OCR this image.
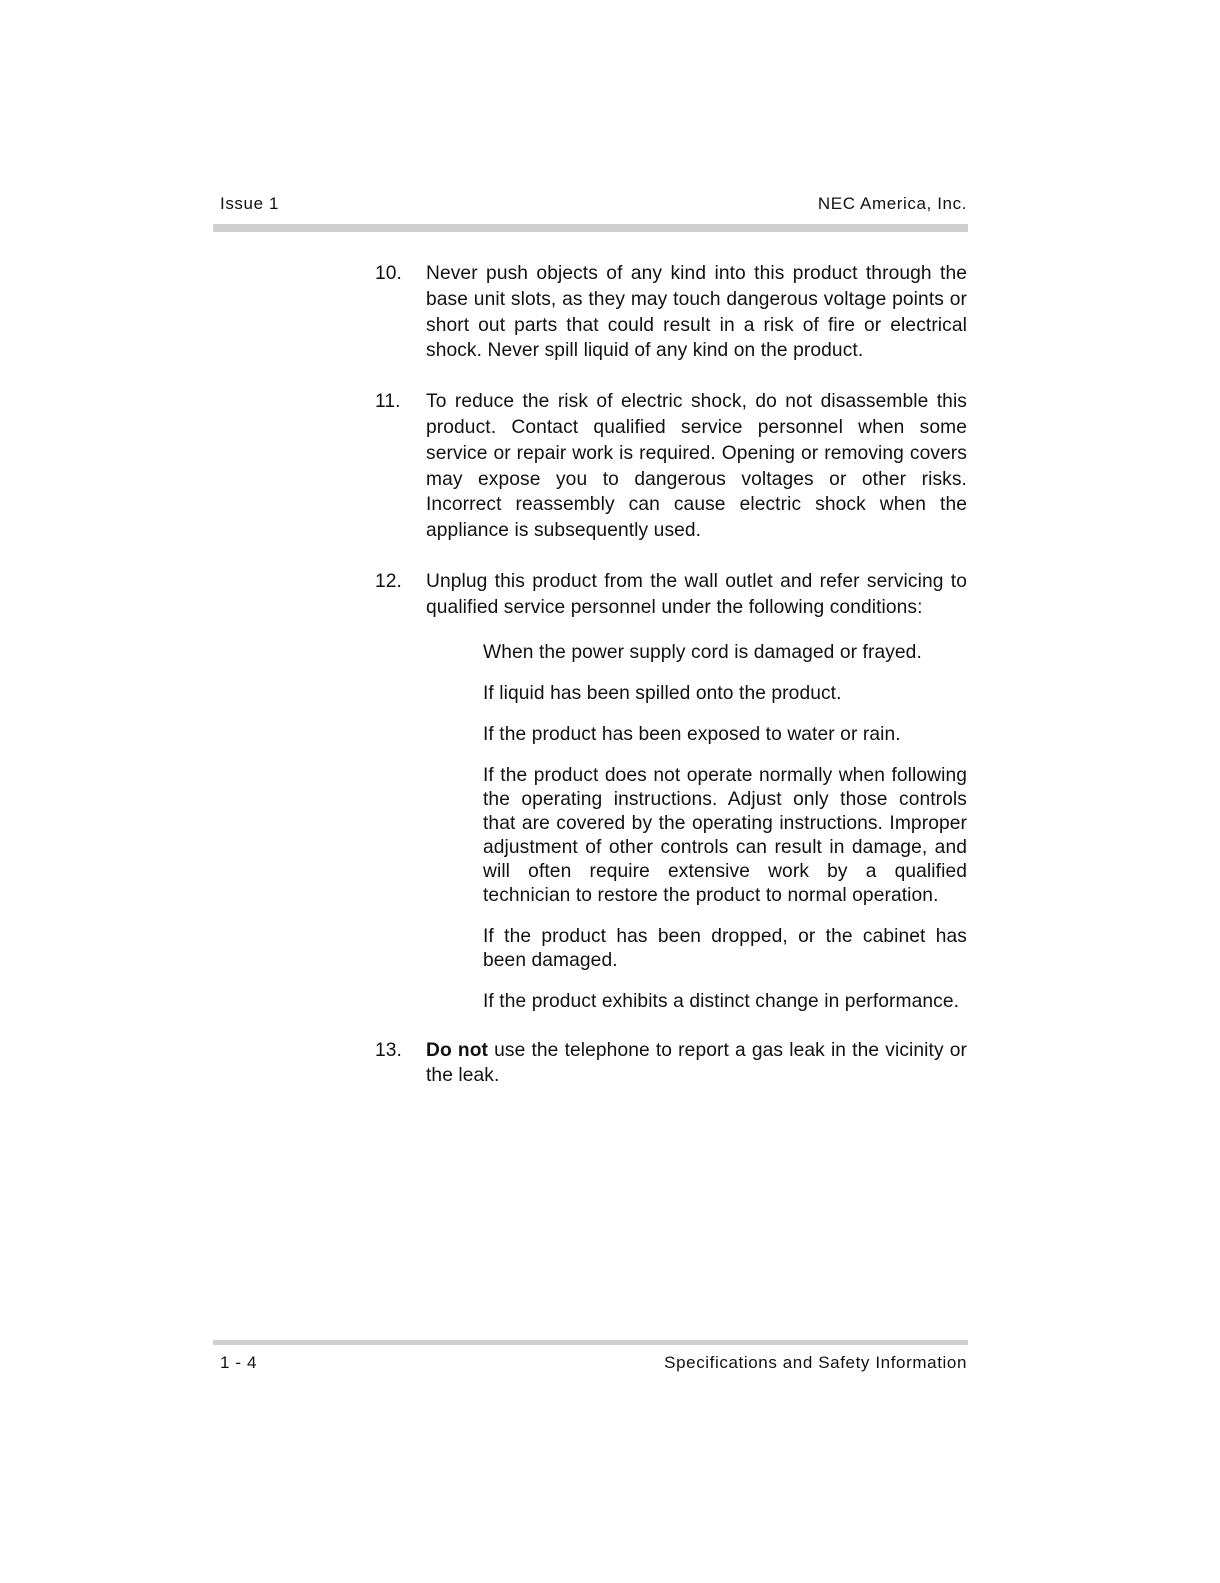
Issue 1	NEC America, Inc.
10.	Never push objects of any kind into this product through the base unit slots, as they may touch dangerous voltage points or short out parts that could result in a risk of fire or electrical shock. Never spill liquid of any kind on the product.
11.	To reduce the risk of electric shock, do not disassemble this product. Contact qualified service personnel when some service or repair work is required. Opening or removing covers may expose you to dangerous voltages or other risks. Incorrect reassembly can cause electric shock when the appliance is subsequently used.
12.	Unplug this product from the wall outlet and refer servicing to qualified service personnel under the following conditions:
When the power supply cord is damaged or frayed.
If liquid has been spilled onto the product.
If the product has been exposed to water or rain.
If the product does not operate normally when following the operating instructions. Adjust only those controls that are covered by the operating instructions. Improper adjustment of other controls can result in damage, and will often require extensive work by a qualified technician to restore the product to normal operation.
If the product has been dropped, or the cabinet has been damaged.
If the product exhibits a distinct change in performance.
13.	Do not use the telephone to report a gas leak in the vicinity or the leak.
1 - 4	Specifications and Safety Information
